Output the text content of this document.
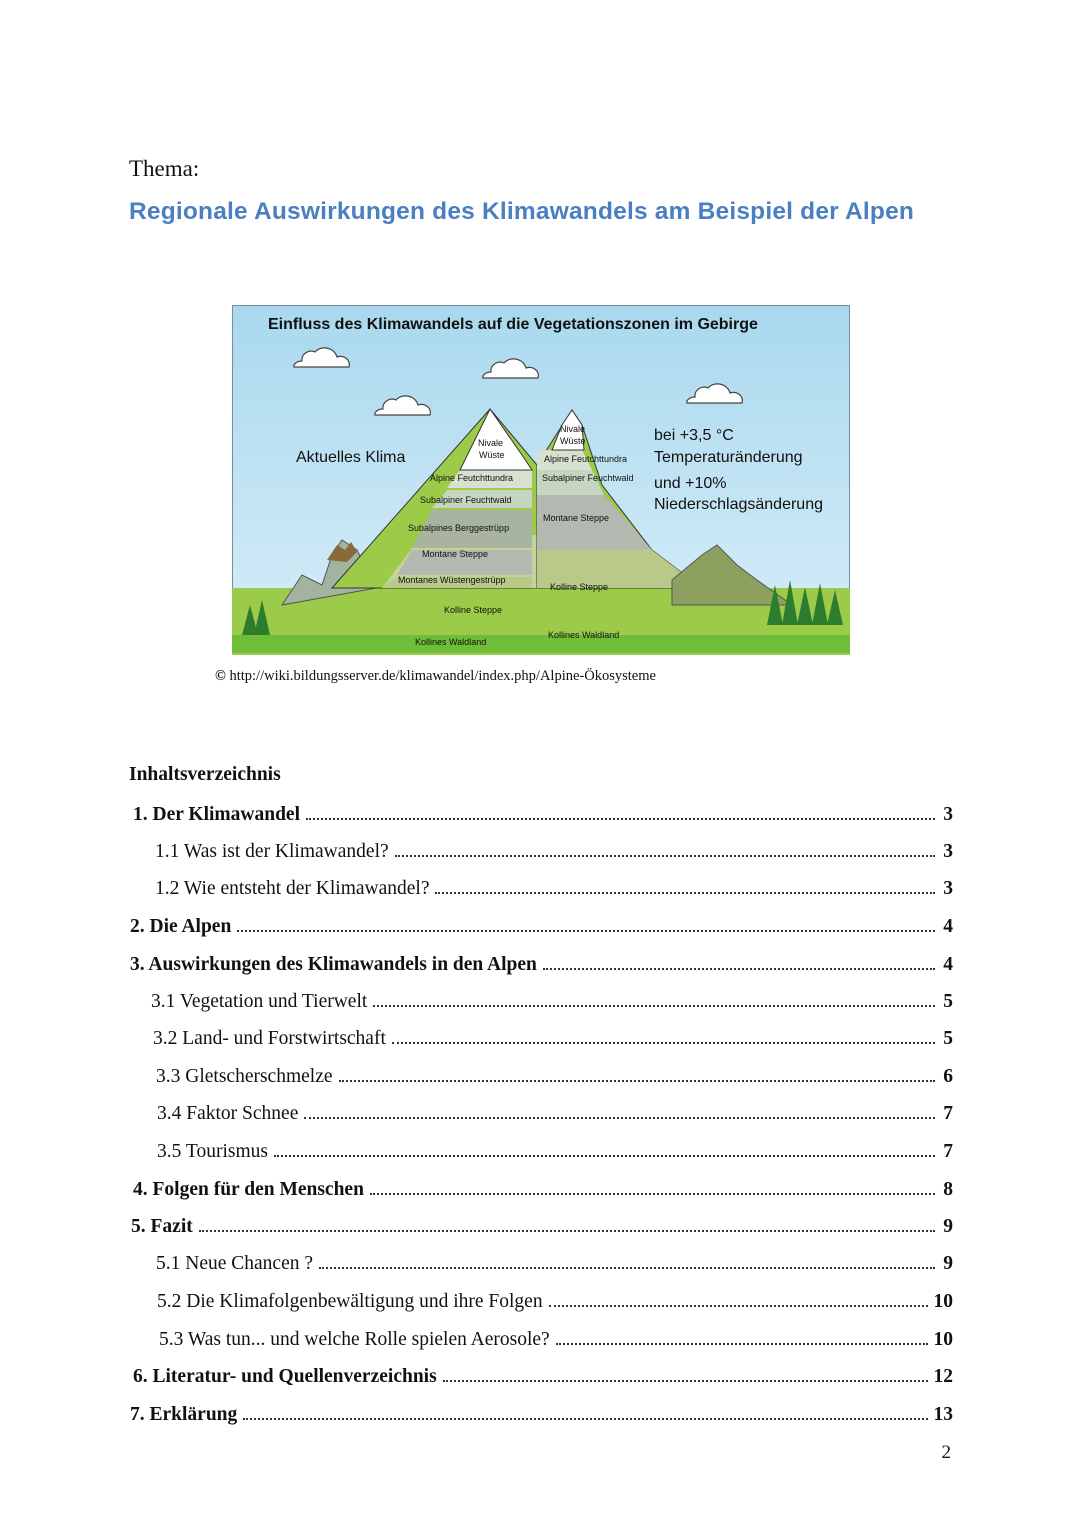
Thema:
Regionale Auswirkungen des Klimawandels am Beispiel der Alpen
Einfluss des Klimawandels auf die Vegetationszonen im Gebirge
Aktuelles Klima
bei +3,5 °C
Temperaturänderung
und +10%
Niederschlagsänderung
Nivale
Wüste
Alpine Feutchttundra
Subalpiner Feuchtwald
Subalpines Berggestrüpp
Montane Steppe
Montanes Wüstengestrüpp
Kolline Steppe
Kollines Waldland
Nivale
Wüste
Alpine Feutchttundra
Subalpiner Feuchtwald
Montane Steppe
Kolline Steppe
Kollines Waldland
© http://wiki.bildungsserver.de/klimawandel/index.php/Alpine-Ökosysteme
Inhaltsverzeichnis
1. Der Klimawandel	3
1.1 Was ist der Klimawandel?	3
1.2 Wie entsteht der Klimawandel?	3
2. Die Alpen	4
3. Auswirkungen des Klimawandels in den Alpen	4
3.1 Vegetation und Tierwelt	5
3.2 Land- und Forstwirtschaft	5
3.3 Gletscherschmelze	6
3.4 Faktor Schnee	7
3.5 Tourismus	7
4. Folgen für den Menschen	8
5. Fazit	9
5.1 Neue Chancen ?	9
5.2 Die Klimafolgenbewältigung und ihre Folgen	10
5.3 Was tun... und welche Rolle spielen Aerosole?	10
6. Literatur- und Quellenverzeichnis	12
7. Erklärung	13
2
